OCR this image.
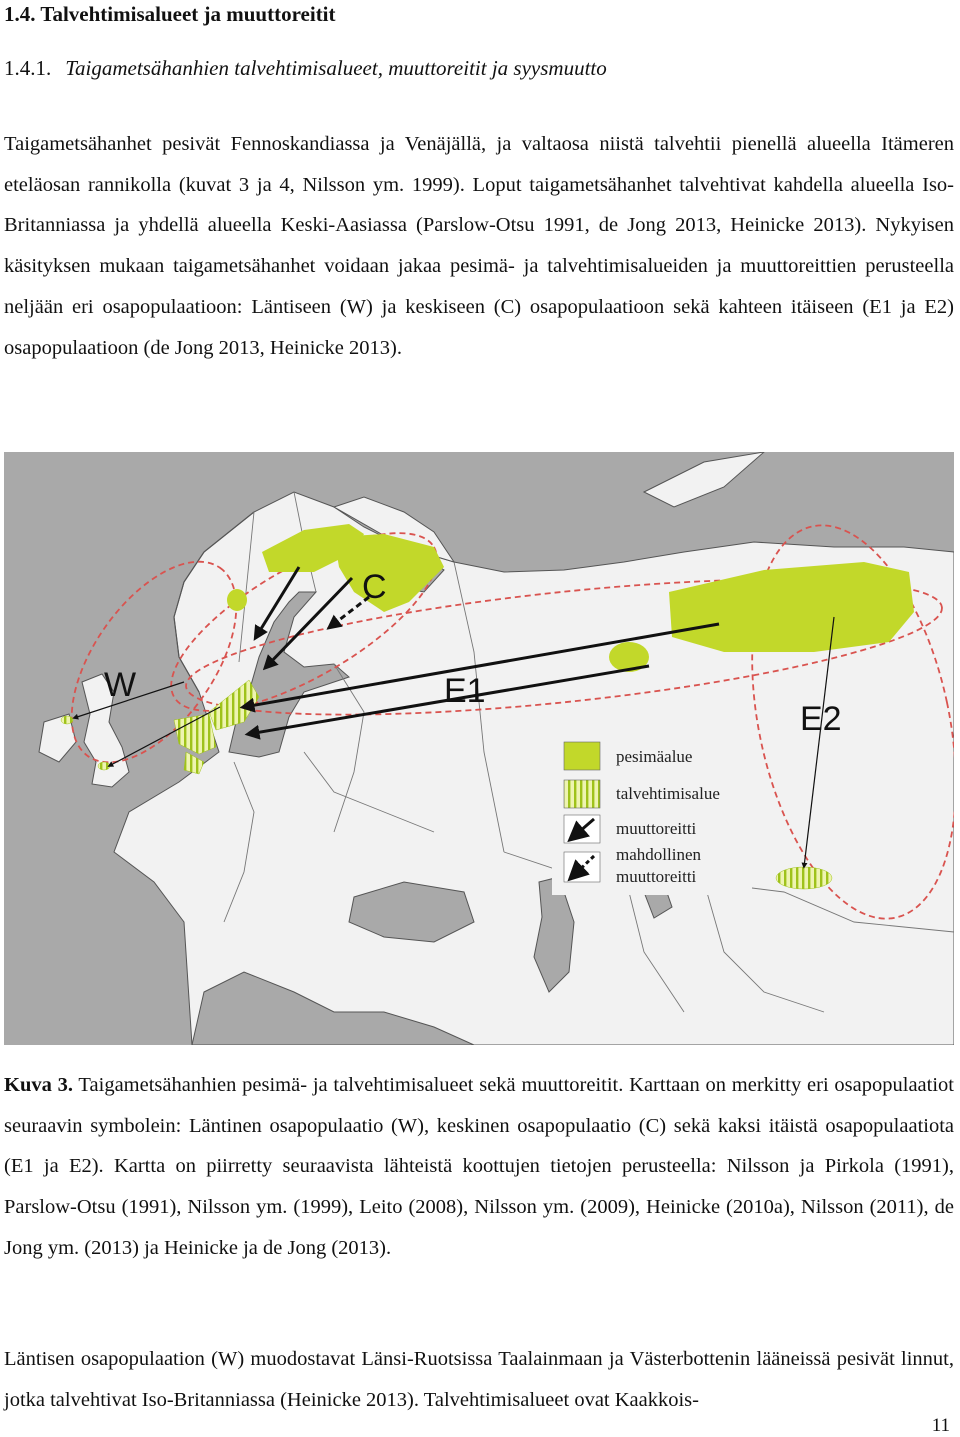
1.4. Talvehtimisalueet ja muuttoreitit
1.4.1. Taigametsähanhien talvehtimisalueet, muuttoreitit ja syysmuutto

Taigametsähanhet pesivät Fennoskandiassa ja Venäjällä, ja valtaosa niistä talvehtii pienellä alueella Itämeren eteläosan rannikolla (kuvat 3 ja 4, Nilsson ym. 1999). Loput taigametsähanhet talvehtivat kahdella alueella Iso-Britanniassa ja yhdellä alueella Keski-Aasiassa (Parslow-Otsu 1991, de Jong 2013, Heinicke 2013). Nykyisen käsityksen mukaan taigametsähanhet voidaan jakaa pesimä- ja talvehtimisalueiden ja muuttoreittien perusteella neljään eri osapopulaatioon: Läntiseen (W) ja keskiseen (C) osapopulaatioon sekä kahteen itäiseen (E1 ja E2) osapopulaatioon (de Jong 2013, Heinicke 2013).

W
C
E1
E2
pesimäalue
talvehtimisalue
muuttoreitti
mahdollinen
muuttoreitti

Kuva 3. Taigametsähanhien pesimä- ja talvehtimisalueet sekä muuttoreitit. Karttaan on merkitty eri osapopulaatiot seuraavin symbolein: Läntinen osapopulaatio (W), keskinen osapopulaatio (C) sekä kaksi itäistä osapopulaatiota (E1 ja E2). Kartta on piirretty seuraavista lähteistä koottujen tietojen perusteella: Nilsson ja Pirkola (1991), Parslow-Otsu (1991), Nilsson ym. (1999), Leito (2008), Nilsson ym. (2009), Heinicke (2010a), Nilsson (2011), de Jong ym. (2013) ja Heinicke ja de Jong (2013).

Läntisen osapopulaation (W) muodostavat Länsi-Ruotsissa Taalainmaan ja Västerbottenin lääneissä pesivät linnut, jotka talvehtivat Iso-Britanniassa (Heinicke 2013). Talvehtimisalueet ovat Kaakkois-

11
